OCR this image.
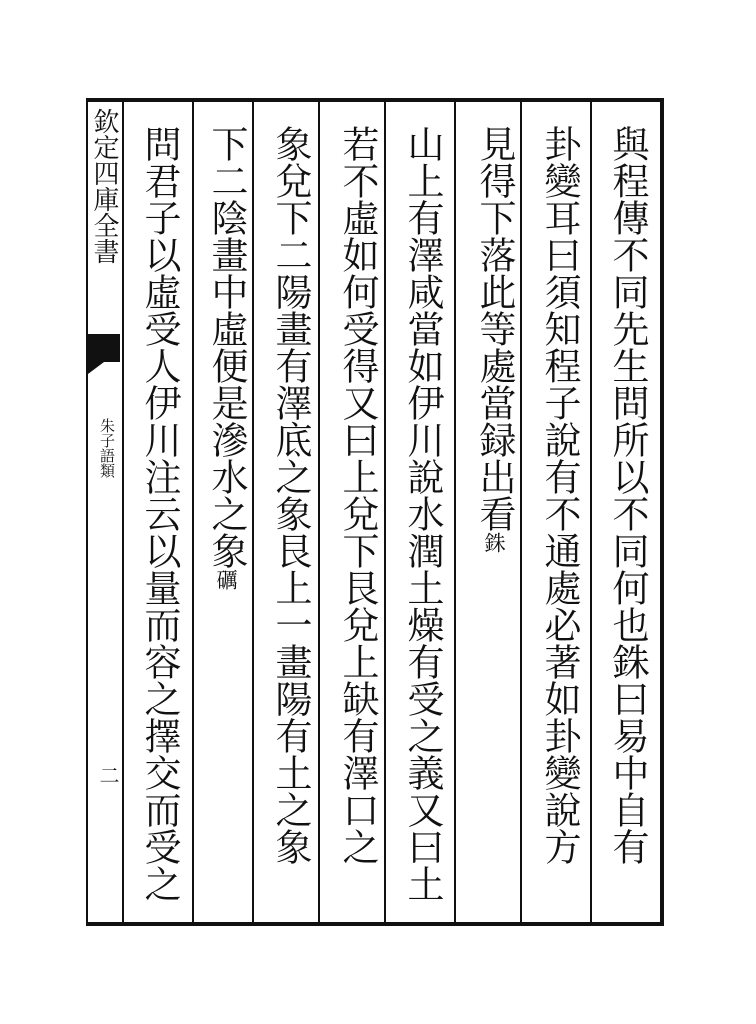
欽定四庫全書
朱子語類
二	與程傳不同先生問所以不同何也銖曰易中自有
卦變耳曰須知程子說有不通處必著如卦變說方
見得下落此等處當録出看銖
山上有澤咸當如伊川說水潤土燥有受之義又曰土
若不虛如何受得又曰上兌下艮兌上缺有澤口之
象兌下二陽畫有澤底之象艮上一畫陽有土之象
下二陰畫中虛便是滲水之象礪
問君子以虛受人伊川注云以量而容之擇交而受之
